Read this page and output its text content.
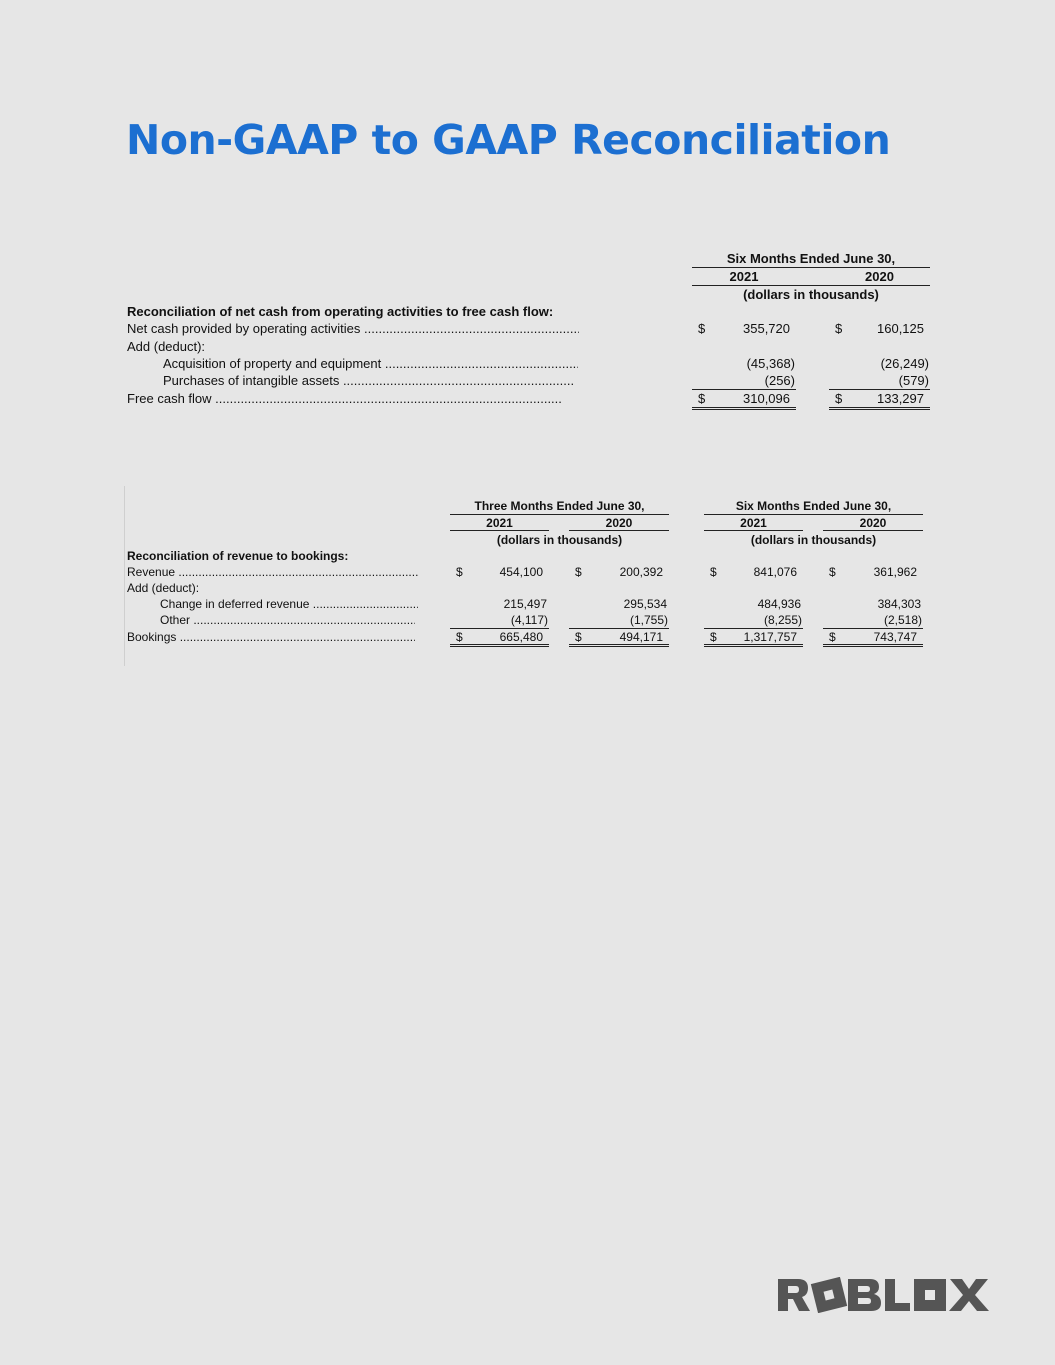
Non-GAAP to GAAP Reconciliation
Six Months Ended June 30,
2021	2020
(dollars in thousands)
Reconciliation of net cash from operating activities to free cash flow:
Net cash provided by operating activities .....	$	355,720	$	160,125
Add (deduct):
Acquisition of property and equipment .....	(45,368)	(26,249)
Purchases of intangible assets .....	(256)	(579)
Free cash flow .....	$	310,096	$	133,297
Three Months Ended June 30,	Six Months Ended June 30,
2021	2020	2021	2020
(dollars in thousands)	(dollars in thousands)
Reconciliation of revenue to bookings:
Revenue .....	$	454,100	$	200,392	$	841,076	$	361,962
Add (deduct):
Change in deferred revenue .....	215,497	295,534	484,936	384,303
Other .....	(4,117)	(1,755)	(8,255)	(2,518)
Bookings .....	$	665,480	$	494,171	$	1,317,757	$	743,747
